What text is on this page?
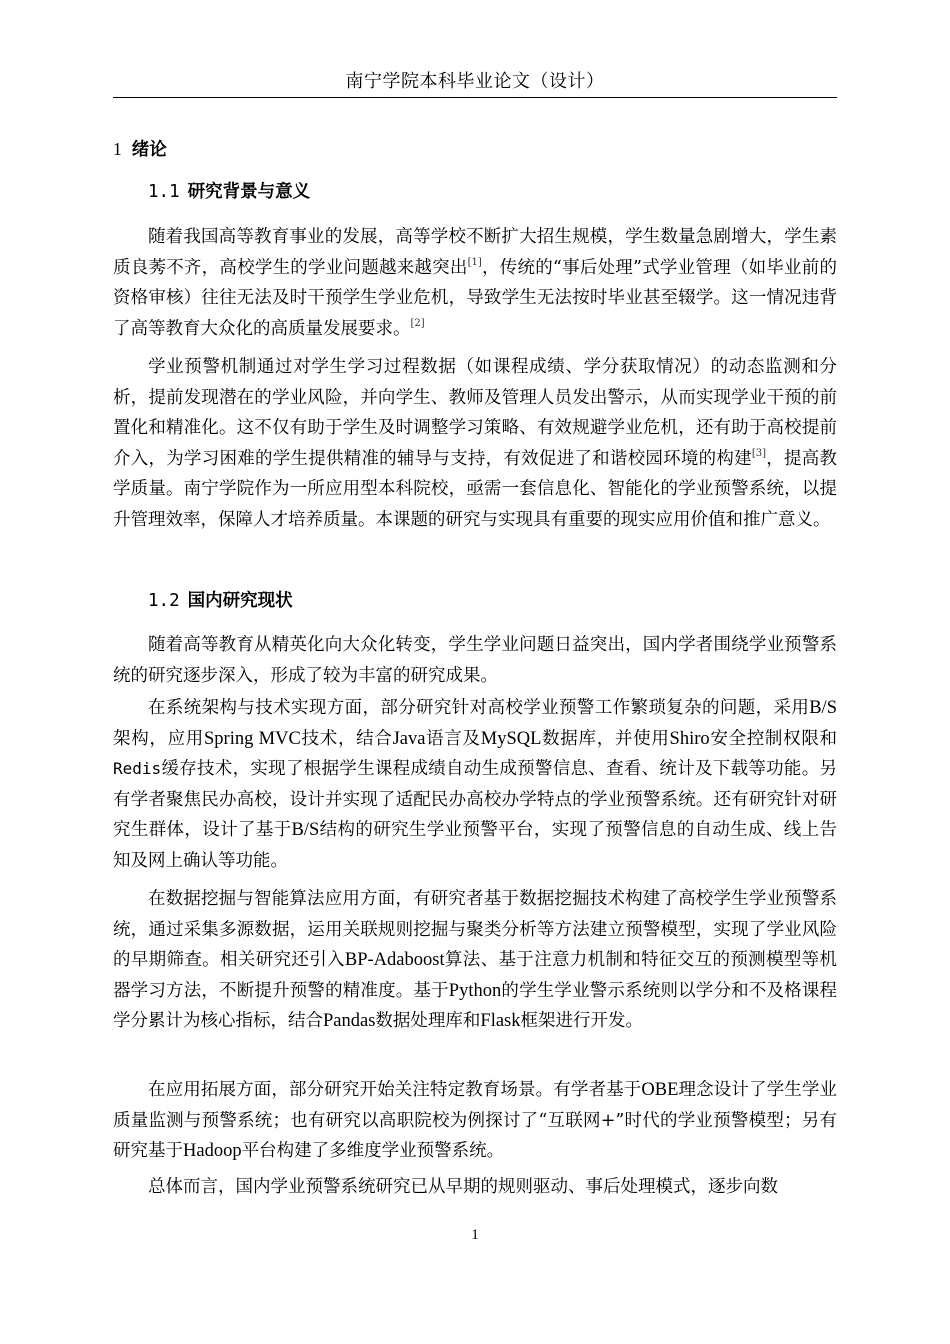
南宁学院本科毕业论文（设计）
1 绪论
1.1 研究背景与意义

随着我国高等教育事业的发展，高等学校不断扩大招生规模，学生数量急剧增大，学生素质良莠不齐，高校学生的学业问题越来越突出[1]，传统的“事后处理”式学业管理（如毕业前的资格审核）往往无法及时干预学生学业危机，导致学生无法按时毕业甚至辍学。这一情况违背了高等教育大众化的高质量发展要求。[2]

学业预警机制通过对学生学习过程数据（如课程成绩、学分获取情况）的动态监测和分析，提前发现潜在的学业风险，并向学生、教师及管理人员发出警示，从而实现学业干预的前置化和精准化。这不仅有助于学生及时调整学习策略、有效规避学业危机，还有助于高校提前介入，为学习困难的学生提供精准的辅导与支持，有效促进了和谐校园环境的构建[3]，提高教学质量。南宁学院作为一所应用型本科院校，亟需一套信息化、智能化的学业预警系统，以提升管理效率，保障人才培养质量。本课题的研究与实现具有重要的现实应用价值和推广意义。

1.2 国内研究现状

随着高等教育从精英化向大众化转变，学生学业问题日益突出，国内学者围绕学业预警系统的研究逐步深入，形成了较为丰富的研究成果。

在系统架构与技术实现方面，部分研究针对高校学业预警工作繁琐复杂的问题，采用B/S架构，应用Spring MVC技术，结合Java语言及MySQL数据库，并使用Shiro安全控制权限和Redis缓存技术，实现了根据学生课程成绩自动生成预警信息、查看、统计及下载等功能。另有学者聚焦民办高校，设计并实现了适配民办高校办学特点的学业预警系统。还有研究针对研究生群体，设计了基于B/S结构的研究生学业预警平台，实现了预警信息的自动生成、线上告知及网上确认等功能。

在数据挖掘与智能算法应用方面，有研究者基于数据挖掘技术构建了高校学生学业预警系统，通过采集多源数据，运用关联规则挖掘与聚类分析等方法建立预警模型，实现了学业风险的早期筛查。相关研究还引入BP-Adaboost算法、基于注意力机制和特征交互的预测模型等机器学习方法，不断提升预警的精准度。基于Python的学生学业警示系统则以学分和不及格课程学分累计为核心指标，结合Pandas数据处理库和Flask框架进行开发。

在应用拓展方面，部分研究开始关注特定教育场景。有学者基于OBE理念设计了学生学业质量监测与预警系统；也有研究以高职院校为例探讨了“互联网+”时代的学业预警模型；另有研究基于Hadoop平台构建了多维度学业预警系统。

总体而言，国内学业预警系统研究已从早期的规则驱动、事后处理模式，逐步向数

1
